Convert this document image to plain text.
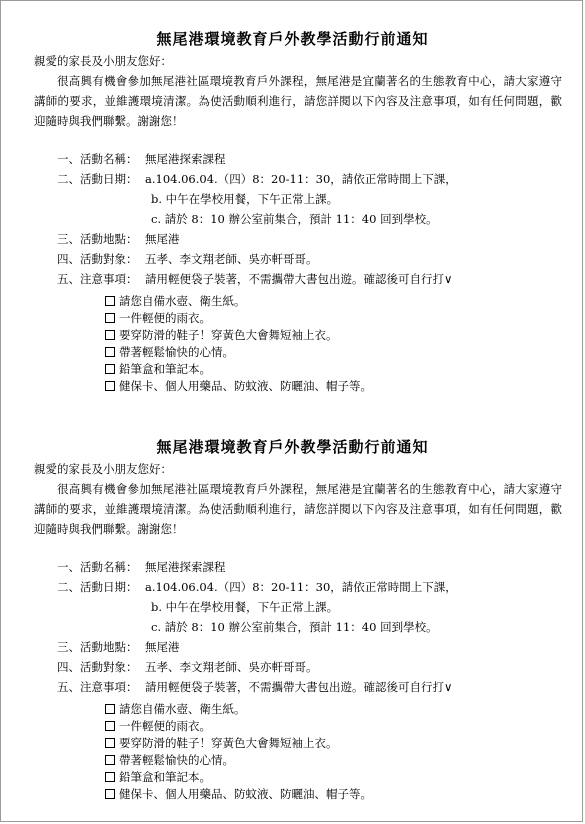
無尾港環境教育戶外教學活動行前通知
親愛的家長及小朋友您好：
很高興有機會參加無尾港社區環境教育戶外課程，無尾港是宜蘭著名的生態教育中心，請大家遵守講師的要求，並維護環境清潔。為使活動順利進行，請您詳閱以下內容及注意事項，如有任何問題，歡迎隨時與我們聯繫。謝謝您！
一、活動名稱： 無尾港探索課程
二、活動日期： a.104.06.04.（四）8：20-11：30，請依正常時間上下課，
b. 中午在學校用餐，下午正常上課。
c. 請於 8：10 辦公室前集合，預計 11：40 回到學校。
三、活動地點： 無尾港
四、活動對象： 五孝、李文翔老師、吳亦軒哥哥。
五、注意事項： 請用輕便袋子裝著，不需攜帶大書包出遊。確認後可自行打∨
請您自備水壺、衛生紙。
一件輕便的雨衣。
要穿防滑的鞋子！穿黃色大會舞短袖上衣。
帶著輕鬆愉快的心情。
鉛筆盒和筆記本。
健保卡、個人用藥品、防蚊液、防曬油、帽子等。
無尾港環境教育戶外教學活動行前通知
親愛的家長及小朋友您好：
很高興有機會參加無尾港社區環境教育戶外課程，無尾港是宜蘭著名的生態教育中心，請大家遵守講師的要求，並維護環境清潔。為使活動順利進行，請您詳閱以下內容及注意事項，如有任何問題，歡迎隨時與我們聯繫。謝謝您！
一、活動名稱： 無尾港探索課程
二、活動日期： a.104.06.04.（四）8：20-11：30，請依正常時間上下課，
b. 中午在學校用餐，下午正常上課。
c. 請於 8：10 辦公室前集合，預計 11：40 回到學校。
三、活動地點： 無尾港
四、活動對象： 五孝、李文翔老師、吳亦軒哥哥。
五、注意事項： 請用輕便袋子裝著，不需攜帶大書包出遊。確認後可自行打∨
請您自備水壺、衛生紙。
一件輕便的雨衣。
要穿防滑的鞋子！穿黃色大會舞短袖上衣。
帶著輕鬆愉快的心情。
鉛筆盒和筆記本。
健保卡、個人用藥品、防蚊液、防曬油、帽子等。
